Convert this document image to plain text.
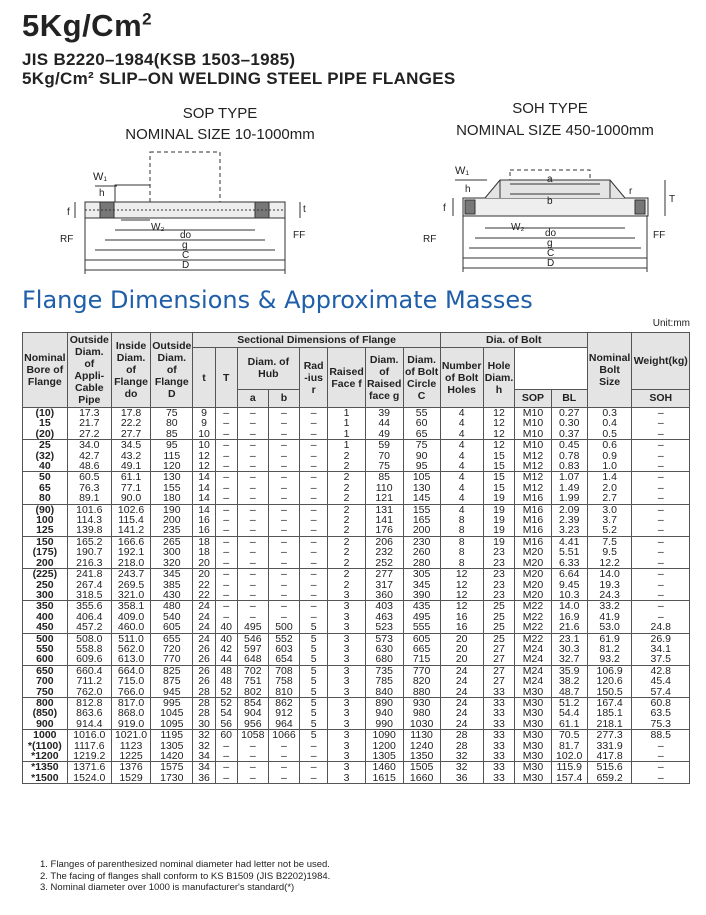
5Kg/Cm$^2$
JIS B2220–1984(KSB 1503–1985)
5Kg/Cm² SLIP–ON WELDING STEEL PIPE FLANGES
SOP TYPE
NOMINAL SIZE 10-1000mm
W₁
h
W₂
f	t
RF	FF
do
g
C
D
SOH TYPE
NOMINAL SIZE 450-1000mm
W₁
h
W₂
a
b
r
T
f
RF	FF
do
g
C
D
Flange Dimensions & Approximate Masses
Unit:mm
Nominal Bore of Flange	Outside Diam. of Appli- Cable Pipe	Inside Diam. of Flange do	Outside Diam. of Flange D	Sectional Dimensions of Flange								Dia. of Bolt				Nominal Bolt Size	Weight(kg)
				t	T	Diam. of Hub		Rad -ius r	Raised Face f	Diam. of Raised face g	Diam. of Bolt Circle C	Number of Bolt Holes	Hole Diam. h				
						a	b							SOP	BL		SOH
(10)	17.3	17.8	75	9	–	–	–	–	1	39	55	4	12	M10	0.27	0.3	–
15	21.7	22.2	80	9	–	–	–	–	1	44	60	4	12	M10	0.30	0.4	–
(20)	27.2	27.7	85	10	–	–	–	–	1	49	65	4	12	M10	0.37	0.5	–
25	34.0	34.5	95	10	–	–	–	–	1	59	75	4	12	M10	0.45	0.6	–
(32)	42.7	43.2	115	12	–	–	–	–	2	70	90	4	15	M12	0.78	0.9	–
40	48.6	49.1	120	12	–	–	–	–	2	75	95	4	15	M12	0.83	1.0	–
50	60.5	61.1	130	14	–	–	–	–	2	85	105	4	15	M12	1.07	1.4	–
65	76.3	77.1	155	14	–	–	–	–	2	110	130	4	15	M12	1.49	2.0	–
80	89.1	90.0	180	14	–	–	–	–	2	121	145	4	19	M16	1.99	2.7	–
(90)	101.6	102.6	190	14	–	–	–	–	2	131	155	4	19	M16	2.09	3.0	–
100	114.3	115.4	200	16	–	–	–	–	2	141	165	8	19	M16	2.39	3.7	–
125	139.8	141.2	235	16	–	–	–	–	2	176	200	8	19	M16	3.23	5.2	–
150	165.2	166.6	265	18	–	–	–	–	2	206	230	8	19	M16	4.41	7.5	–
(175)	190.7	192.1	300	18	–	–	–	–	2	232	260	8	23	M20	5.51	9.5	–
200	216.3	218.0	320	20	–	–	–	–	2	252	280	8	23	M20	6.33	12.2	–
(225)	241.8	243.7	345	20	–	–	–	–	2	277	305	12	23	M20	6.64	14.0	–
250	267.4	269.5	385	22	–	–	–	–	2	317	345	12	23	M20	9.45	19.3	–
300	318.5	321.0	430	22	–	–	–	–	3	360	390	12	23	M20	10.3	24.3	–
350	355.6	358.1	480	24	–	–	–	–	3	403	435	12	25	M22	14.0	33.2	–
400	406.4	409.0	540	24	–	–	–	–	3	463	495	16	25	M22	16.9	41.9	–
450	457.2	460.0	605	24	40	495	500	5	3	523	555	16	25	M22	21.6	53.0	24.8
500	508.0	511.0	655	24	40	546	552	5	3	573	605	20	25	M22	23.1	61.9	26.9
550	558.8	562.0	720	26	42	597	603	5	3	630	665	20	27	M24	30.3	81.2	34.1
600	609.6	613.0	770	26	44	648	654	5	3	680	715	20	27	M24	32.7	93.2	37.5
650	660.4	664.0	825	26	48	702	708	5	3	735	770	24	27	M24	35.9	106.9	42.8
700	711.2	715.0	875	26	48	751	758	5	3	785	820	24	27	M24	38.2	120.6	45.4
750	762.0	766.0	945	28	52	802	810	5	3	840	880	24	33	M30	48.7	150.5	57.4
800	812.8	817.0	995	28	52	854	862	5	3	890	930	24	33	M30	51.2	167.4	60.8
(850)	863.6	868.0	1045	28	54	904	912	5	3	940	980	24	33	M30	54.4	185.1	63.5
900	914.4	919.0	1095	30	56	956	964	5	3	990	1030	24	33	M30	61.1	218.1	75.3
1000	1016.0	1021.0	1195	32	60	1058	1066	5	3	1090	1130	28	33	M30	70.5	277.3	88.5
*(1100)	1117.6	1123	1305	32	–	–	–	–	3	1200	1240	28	33	M30	81.7	331.9	–
*1200	1219.2	1225	1420	34	–	–	–	–	3	1305	1350	32	33	M30	102.0	417.8	–
*1350	1371.6	1376	1575	34	–	–	–	–	3	1460	1505	32	33	M30	115.9	515.6	–
*1500	1524.0	1529	1730	36	–	–	–	–	3	1615	1660	36	33	M30	157.4	659.2	–
1. Flanges of parenthesized nominal diameter had letter not be used.
2. The facing of flanges shall conform to KS B1509 (JIS B2202)1984.
3. Nominal diameter over 1000 is manufacturer's standard(*)
